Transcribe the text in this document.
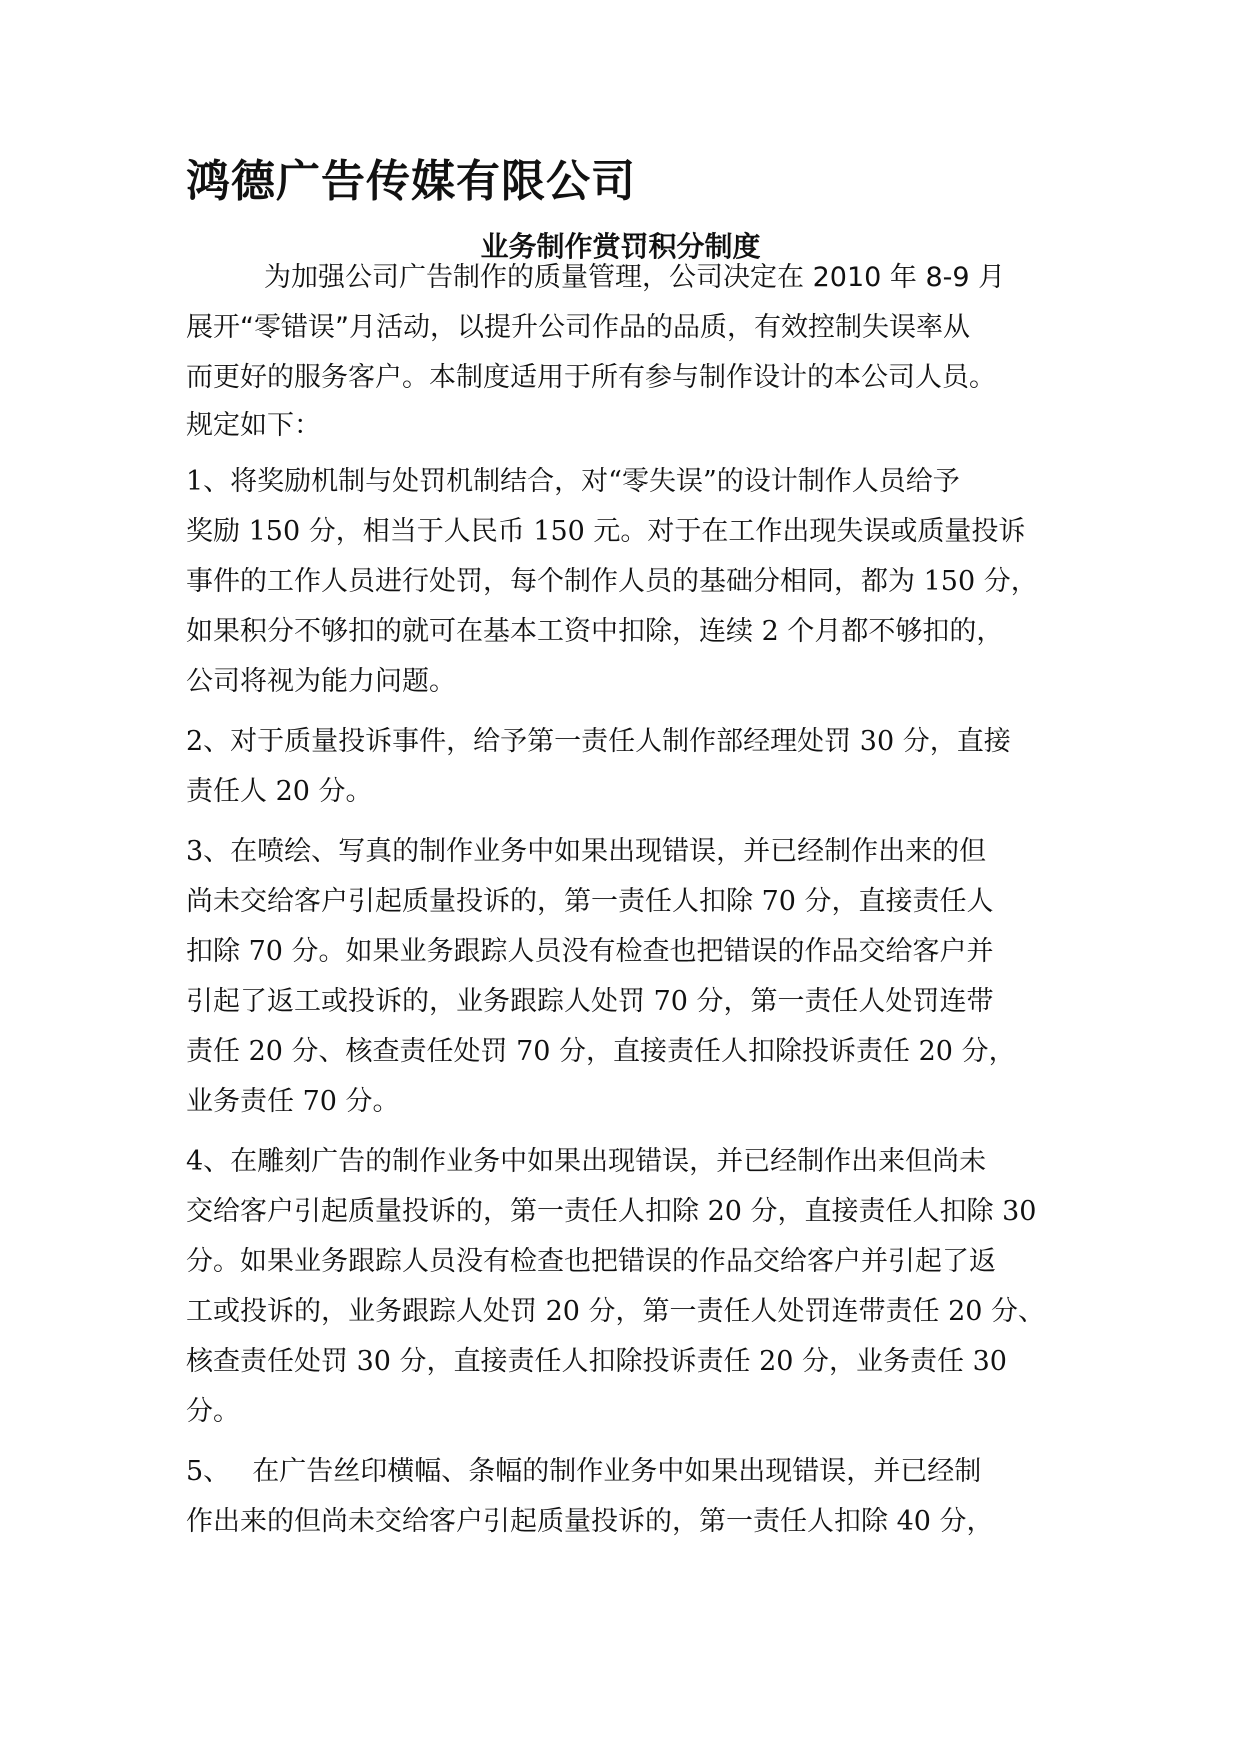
鸿德广告传媒有限公司
业务制作赏罚积分制度

为加强公司广告制作的质量管理，公司决定在 2010 年 8-9 月

展开“零错误”月活动，以提升公司作品的品质，有效控制失误率从

而更好的服务客户。本制度适用于所有参与制作设计的本公司人员。

规定如下：

1、将奖励机制与处罚机制结合，对“零失误”的设计制作人员给予

奖励 150 分，相当于人民币 150 元。对于在工作出现失误或质量投诉

事件的工作人员进行处罚，每个制作人员的基础分相同，都为 150 分，

如果积分不够扣的就可在基本工资中扣除，连续 2 个月都不够扣的，

公司将视为能力问题。

2、对于质量投诉事件，给予第一责任人制作部经理处罚 30 分，直接

责任人 20 分。

3、在喷绘、写真的制作业务中如果出现错误，并已经制作出来的但

尚未交给客户引起质量投诉的，第一责任人扣除 70 分，直接责任人

扣除 70 分。如果业务跟踪人员没有检查也把错误的作品交给客户并

引起了返工或投诉的，业务跟踪人处罚 70 分，第一责任人处罚连带

责任 20 分、核查责任处罚 70 分，直接责任人扣除投诉责任 20 分，

业务责任 70 分。

4、在雕刻广告的制作业务中如果出现错误，并已经制作出来但尚未

交给客户引起质量投诉的，第一责任人扣除 20 分，直接责任人扣除 30

分。如果业务跟踪人员没有检查也把错误的作品交给客户并引起了返

工或投诉的，业务跟踪人处罚 20 分，第一责任人处罚连带责任 20 分、

核查责任处罚 30 分，直接责任人扣除投诉责任 20 分，业务责任 30

分。

5、　 在广告丝印横幅、条幅的制作业务中如果出现错误，并已经制

作出来的但尚未交给客户引起质量投诉的，第一责任人扣除 40 分，
